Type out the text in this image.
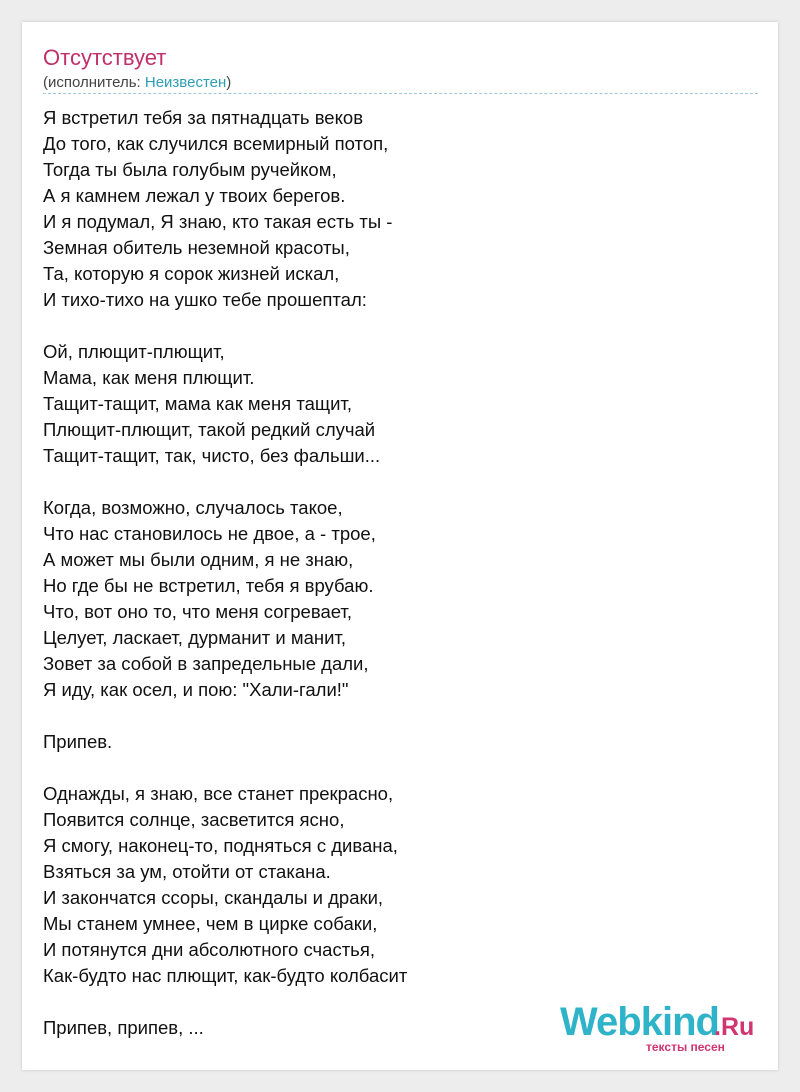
Отсутствует
(исполнитель: Неизвестен)
Я встретил тебя за пятнадцать веков
До того, как случился всемирный потоп,
Тогда ты была голубым ручейком,
А я камнем лежал у твоих берегов.
И я подумал, Я знаю, кто такая есть ты -
Земная обитель неземной красоты,
Та, которую я сорок жизней искал,
И тихо-тихо на ушко тебе прошептал:
Ой, плющит-плющит,
Мама, как меня плющит.
Тащит-тащит, мама как меня тащит,
Плющит-плющит, такой редкий случай
Тащит-тащит, так, чисто, без фальши...
Когда, возможно, случалось такое,
Что нас становилось не двое, а - трое,
А может мы были одним, я не знаю,
Но где бы не встретил, тебя я врубаю.
Что, вот оно то, что меня согревает,
Целует, ласкает, дурманит и манит,
Зовет за собой в запредельные дали,
Я иду, как осел, и пою: "Хали-гали!"
Припев.
Однажды, я знаю, все станет прекрасно,
Появится солнце, засветится ясно,
Я смогу, наконец-то, подняться с дивана,
Взяться за ум, отойти от стакана.
И закончатся ссоры, скандалы и драки,
Мы станем умнее, чем в цирке собаки,
И потянутся дни абсолютного счастья,
Как-будто нас плющит, как-будто колбасит
Припев, припев, ...	Webkind
.Ru
тексты песен
